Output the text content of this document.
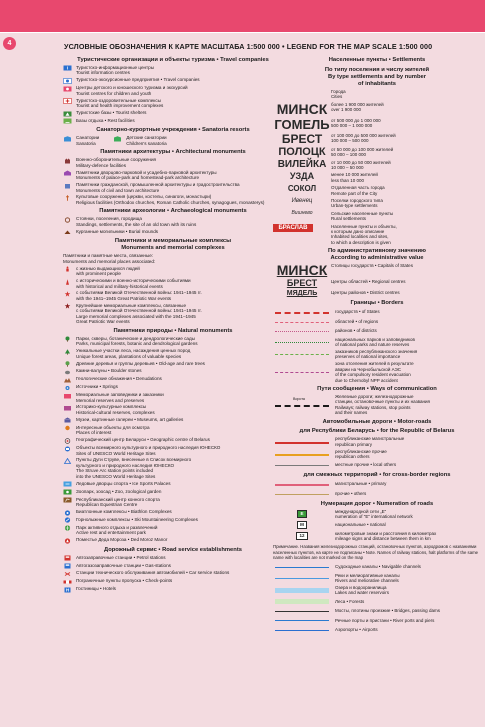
4	УСЛОВНЫЕ ОБОЗНАЧЕНИЯ К КАРТЕ МАСШТАБА 1:500 000 • LEGEND FOR THE MAP SCALE 1:500 000
Туристические организации и объекты туризма • Travel companies
i Туристско-информационные центры
Tourist information centres
Туристско-экскурсионные предприятия • Travel companies
Центры детского и юношеского туризма и экскурсий
Tourist centres for children and youth
Туристско-оздоровительные комплексы
Tourist and health improvement complexes
Туристские базы • Tourist shelters
Базы отдыха • Rest facilities
Санаторно-курортные учреждения • Sanatoria resorts
Санатории
Sanatoria
Детские санатории
Children's sanatoria
Памятники архитектуры • Architectural monuments
Военно-оборонительные сооружения
Military-defence facilities
Памятники дворцово-парковой и усадебно-парковой архитектуры
Monuments of palace-park and homestead-park architecture
Памятники гражданской, промышленной архитектуры и градостроительства
Monuments of civil and town architecture
Культовые сооружения (церкви, костелы, синагоги, монастыри)
Religious facilities (Orthodox churches, Roman Catholic churches, synagogues, monasterys)
Памятники археологии • Archaeological monuments
Стоянки, поселения, городища
Standings, settlements, the site of an old town with its ruins
Курганные могильники • Burial mounds
Памятники и мемориальные комплексы
Monuments and memorial complexes
Памятники и памятные места, связанные:
Monuments and memorial places associated:
с жизнью выдающихся людей
with prominent people
с историческими и военно-историческими событиями
with historical and military-historical events
с событиями Великой Отечественной войны: 1941–1945 гг.
with the 1941–1945 Great Patriotic War events
Крупнейшие мемориальные комплексы, связанные
с событиями Великой Отечественной войны: 1941–1945 гг.
Large memorial complexes associated with the 1941–1945
Great Patriotic War events
Памятники природы • Natural monuments
Парки, скверы, ботанические и дендрологические сады
Parks, municipal forests, botanic and dendrological gardens
Уникальные участки леса, насаждения ценных пород
Unique forest areas, plantations of valuable species
Древние деревья и группы деревьев • Old-age and rare trees
Камни-валуны • Boulder stones
Геологические обнажения • Denudations
Источники • Springs
Мемориальные заповедники и заказники
Memorial reserves and preserves
Историко-культурные комплексы
Historical-cultural reserves, complexes
Музеи, картинные галереи • Museums, art galleries
Интересные объекты для осмотра
Places of interest
Географический центр Беларуси • Geographic centre of Belarus
Объекты всемирного культурного и природного наследия ЮНЕСКО
Sites of UNESCO World Heritage Sites
Пункты Дуги Струве, внесенные в Список всемирного
культурного и природного наследия ЮНЕСКО
The Struve Arc station points included
into the UNESCO World Heritage Sites
Ледовые дворцы спорта • Ice Sports Palaces
Зоопарк, зоосад • Zoo, zoological garden
Республиканский центр конного спорта
Republican Equestrian Centre
Биатлонные комплексы • Biathlon Complexes
Горнолыжные комплексы • Ski Mountaineering Complexes
Парк активного отдыха и развлечений
Active rest and entertainment park
Поместье Деда Мороза • Ded Moroz Manor
Дорожный сервис • Road service establishments
Автозаправочные станции • Petrol stations
Автогазозаправочные станции • Gas-stations
Станции технического обслуживания автомобилей • Car service stations
Пограничные пункты пропуска • Check-points
H Гостиницы • Hotels
Населенные пункты • Settlements
По типу поселения и числу жителей
By type settlements and by number
of inhabitants
Города
Cities
МИНСК более 1 900 000 жителей
over 1 900 000
ГОМЕЛЬ от 500 000 до 1 000 000
500 000 – 1 000 000
БРЕСТ	от 100 000 до 500 000 жителей
100 000 – 500 000
ПОЛОЦК	от 50 000 до 100 000 жителей
50 000 – 100 000
ВИЛЕЙКА	от 10 000 до 50 000 жителей
10 000 – 50 000
УЗДА	менее 10 000 жителей
less than 10 000
СОКОЛ	Отдаленная часть города
Remote part of the City
Ивенец	Поселки городского типа
Urban-type settlements
Вишнево	Сельские населенные пункты
Rural settlements
БРАСЛАВ	Населенные пункты и объекты,
к которым дано описание
Inhabited localities and sites,
to which a description is given
По административному значению
According to administrative value
МИНСК Столицы государств • Capitals of States
БРЕСТ	Центры областей • Regional centres
МЯДЕЛЬ	Центры районов • District centres
Границы • Borders
государств • of States
областей • of regions
районов • of districts
национальных парков и заповедников
of national parks and nature reserves
заказников республиканского значения
preserves of national importance
зона отселения жителей в результате
аварии на Чернобыльской АЭС
of the compulsory resident evacuation
due to Chernobyl NPP accident
Пути сообщения • Ways of communication
Ворота	Железные дороги; железнодорожные
станции, остановочные пункты и их названия
Railways; railway stations, stop points
and their names
Автомобильные дороги • Motor-roads
для Республики Беларусь • for the Republic of Belarus
республиканские магистральные
republican primary
республиканские прочие
republican others
местные прочие • local others
для смежных территорий • for cross-border regions
магистральные • primary
прочие • others
Нумерация дорог • Numeration of roads
E
международной сети „Е“
numeration of "E" international network
M	национальные • national
12
километровые знаки и расстояния в километрах
mileage signs and distance between them in km
Примечание. Названия железнодорожных станций, остановочных пунктов, аэродромов с названиями населенных пунктов, на карте не подписаны • Note. Names of railway stations, halt platforms of the same name with localities are not marked on the map
Судоходные каналы • Navigable channels
Реки и мелиоративные каналы
Rivers and meliorative channels
Озера и водохранилища
Lakes and water reservoirs
Леса • Forests
Мосты, плотины проезжие • Bridges, passing dams
Речные порты и пристани • River ports and piers
Аэропорты • Airports
